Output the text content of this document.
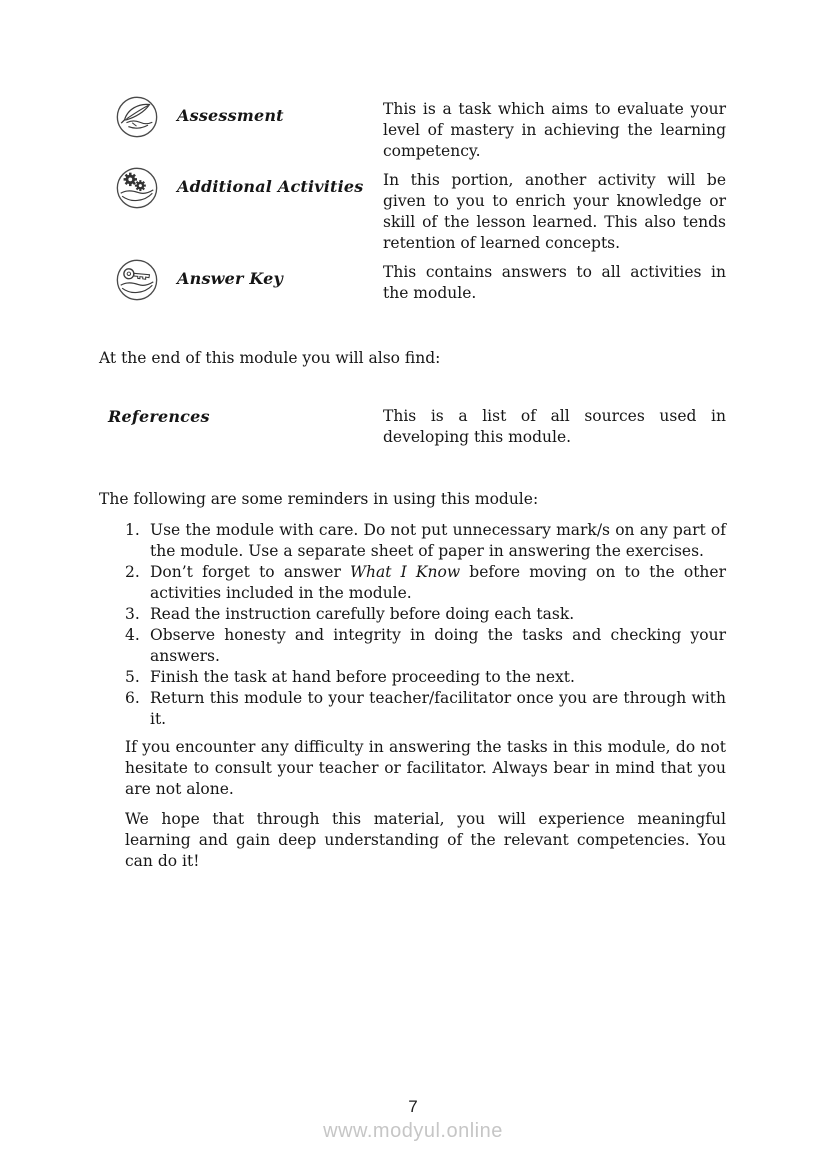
Assessment	This is a task which aims to evaluate your level of mastery in achieving the learning competency.
Additional Activities	In this portion, another activity will be given to you to enrich your knowledge or skill of the lesson learned. This also tends retention of learned concepts.
Answer Key	This contains answers to all activities in the module.

At the end of this module you will also find:

References	This is a list of all sources used in developing this module.

The following are some reminders in using this module:

1. Use the module with care. Do not put unnecessary mark/s on any part of the module. Use a separate sheet of paper in answering the exercises.
2. Don’t forget to answer What I Know before moving on to the other activities included in the module.
3. Read the instruction carefully before doing each task.
4. Observe honesty and integrity in doing the tasks and checking your answers.
5. Finish the task at hand before proceeding to the next.
6. Return this module to your teacher/facilitator once you are through with it.

If you encounter any difficulty in answering the tasks in this module, do not hesitate to consult your teacher or facilitator. Always bear in mind that you are not alone.

We hope that through this material, you will experience meaningful learning and gain deep understanding of the relevant competencies. You can do it!

7
www.modyul.online
